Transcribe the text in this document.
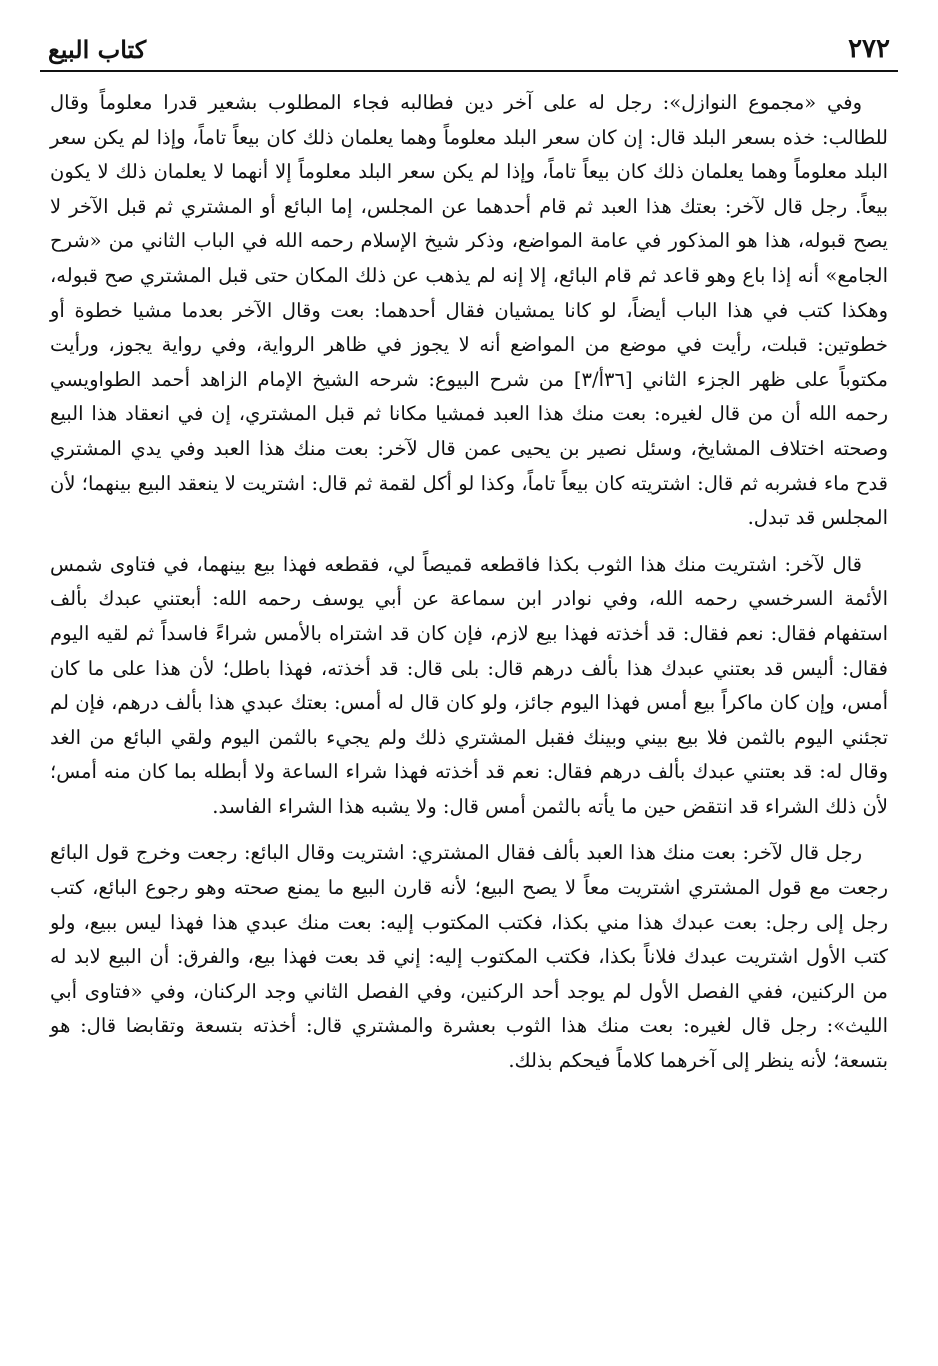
٢٧٢
كتاب البيع

وفي «مجموع النوازل»: رجل له على آخر دين فطالبه فجاء المطلوب بشعير قدرا معلوماً وقال للطالب: خذه بسعر البلد قال: إن كان سعر البلد معلوماً وهما يعلمان ذلك كان بيعاً تاماً، وإذا لم يكن سعر البلد معلوماً وهما يعلمان ذلك كان بيعاً تاماً، وإذا لم يكن سعر البلد معلوماً إلا أنهما لا يعلمان ذلك لا يكون بيعاً. رجل قال لآخر: بعتك هذا العبد ثم قام أحدهما عن المجلس، إما البائع أو المشتري ثم قبل الآخر لا يصح قبوله، هذا هو المذكور في عامة المواضع، وذكر شيخ الإسلام رحمه الله في الباب الثاني من «شرح الجامع» أنه إذا باع وهو قاعد ثم قام البائع، إلا إنه لم يذهب عن ذلك المكان حتى قبل المشتري صح قبوله، وهكذا كتب في هذا الباب أيضاً، لو كانا يمشيان فقال أحدهما: بعت وقال الآخر بعدما مشيا خطوة أو خطوتين: قبلت، رأيت في موضع من المواضع أنه لا يجوز في ظاهر الرواية، وفي رواية يجوز، ورأيت مكتوباً على ظهر الجزء الثاني [٣٦أ/٣] من شرح البيوع: شرحه الشيخ الإمام الزاهد أحمد الطواويسي رحمه الله أن من قال لغيره: بعت منك هذا العبد فمشيا مكانا ثم قبل المشتري، إن في انعقاد هذا البيع وصحته اختلاف المشايخ، وسئل نصير بن يحيى عمن قال لآخر: بعت منك هذا العبد وفي يدي المشتري قدح ماء فشربه ثم قال: اشتريته كان بيعاً تاماً، وكذا لو أكل لقمة ثم قال: اشتريت لا ينعقد البيع بينهما؛ لأن المجلس قد تبدل.

قال لآخر: اشتريت منك هذا الثوب بكذا فاقطعه قميصاً لي، فقطعه فهذا بيع بينهما، في فتاوى شمس الأئمة السرخسي رحمه الله، وفي نوادر ابن سماعة عن أبي يوسف رحمه الله: أبعتني عبدك بألف استفهام فقال: نعم فقال: قد أخذته فهذا بيع لازم، فإن كان قد اشتراه بالأمس شراءً فاسداً ثم لقيه اليوم فقال: أليس قد بعتني عبدك هذا بألف درهم قال: بلى قال: قد أخذته، فهذا باطل؛ لأن هذا على ما كان أمس، وإن كان ماكراً بيع أمس فهذا اليوم جائز، ولو كان قال له أمس: بعتك عبدي هذا بألف درهم، فإن لم تجئني اليوم بالثمن فلا بيع بيني وبينك فقبل المشتري ذلك ولم يجيء بالثمن اليوم ولقي البائع من الغد وقال له: قد بعتني عبدك بألف درهم فقال: نعم قد أخذته فهذا شراء الساعة ولا أبطله بما كان منه أمس؛ لأن ذلك الشراء قد انتقض حين ما يأته بالثمن أمس قال: ولا يشبه هذا الشراء الفاسد.

رجل قال لآخر: بعت منك هذا العبد بألف فقال المشتري: اشتريت وقال البائع: رجعت وخرج قول البائع رجعت مع قول المشتري اشتريت معاً لا يصح البيع؛ لأنه قارن البيع ما يمنع صحته وهو رجوع البائع، كتب رجل إلى رجل: بعت عبدك هذا مني بكذا، فكتب المكتوب إليه: بعت منك عبدي هذا فهذا ليس ببيع، ولو كتب الأول اشتريت عبدك فلاناً بكذا، فكتب المكتوب إليه: إني قد بعت فهذا بيع، والفرق: أن البيع لابد له من الركنين، ففي الفصل الأول لم يوجد أحد الركنين، وفي الفصل الثاني وجد الركنان، وفي «فتاوى أبي الليث»: رجل قال لغيره: بعت منك هذا الثوب بعشرة والمشتري قال: أخذته بتسعة وتقابضا قال: هو بتسعة؛ لأنه ينظر إلى آخرهما كلاماً فيحكم بذلك.
